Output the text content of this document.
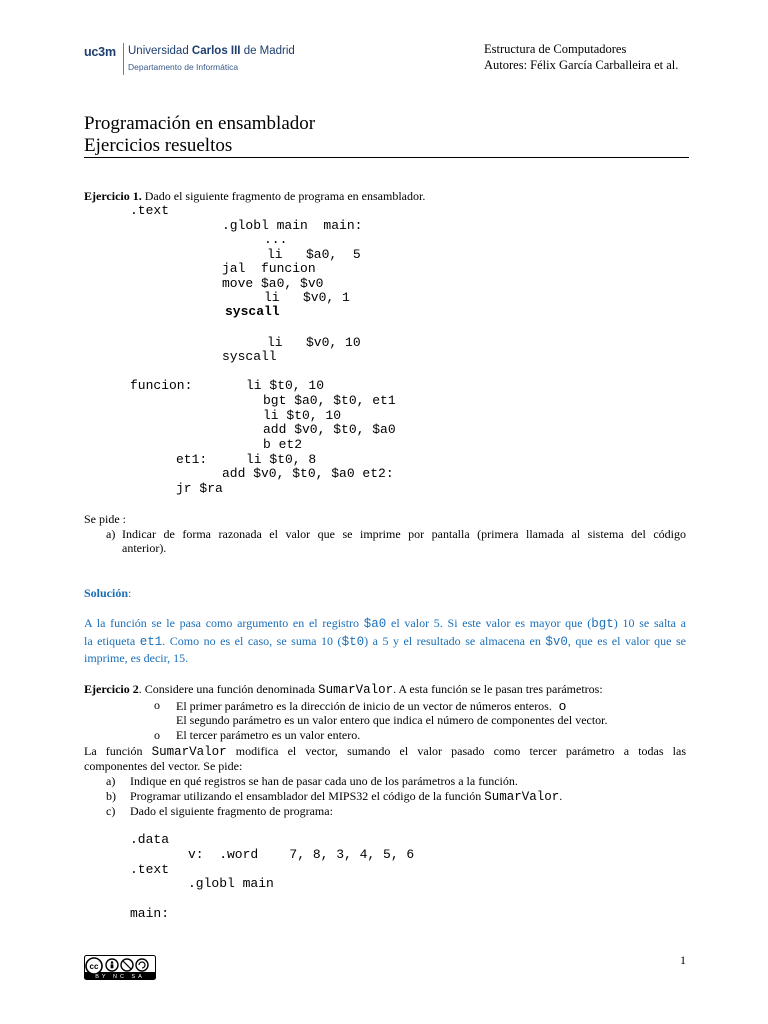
uc3m Universidad Carlos III de Madrid
Departamento de Informática
Estructura de Computadores
Autores: Félix García Carballeira et al.
Programación en ensamblador
Ejercicios resueltos
Ejercicio 1. Dado el siguiente fragmento de programa en ensamblador.
.text
.globl main  main:
...
li   $a0,  5
jal  funcion
move $a0, $v0
li   $v0, 1
syscall
li   $v0, 10
syscall
funcion:	li $t0, 10
bgt $a0, $t0, et1
li $t0, 10
add $v0, $t0, $a0
b et2
et1:	li $t0, 8
add $v0, $t0, $a0 et2:
jr $ra
Se pide :
a) Indicar de forma razonada el valor que se imprime por pantalla (primera llamada al sistema del código
anterior).
Solución:
A la función se le pasa como argumento en el registro $a0 el valor 5. Si este valor es mayor que (bgt) 10 se salta a
la etiqueta et1. Como no es el caso, se suma 10 ($t0) a 5 y el resultado se almacena en $v0, que es el valor que se
imprime, es decir, 15.
Ejercicio 2. Considere una función denominada SumarValor. A esta función se le pasan tres parámetros:
o El primer parámetro es la dirección de inicio de un vector de números enteros. o
El segundo parámetro es un valor entero que indica el número de componentes del vector.
o El tercer parámetro es un valor entero.
La función SumarValor modifica el vector, sumando el valor pasado como tercer parámetro a todas las
componentes del vector. Se pide:
a) Indique en qué registros se han de pasar cada uno de los parámetros a la función.
b) Programar utilizando el ensamblador del MIPS32 el código de la función SumarValor.
c) Dado el siguiente fragmento de programa:
.data
v:  .word    7, 8, 3, 4, 5, 6
.text
.globl main
main:
cc
BY NC SA
1
